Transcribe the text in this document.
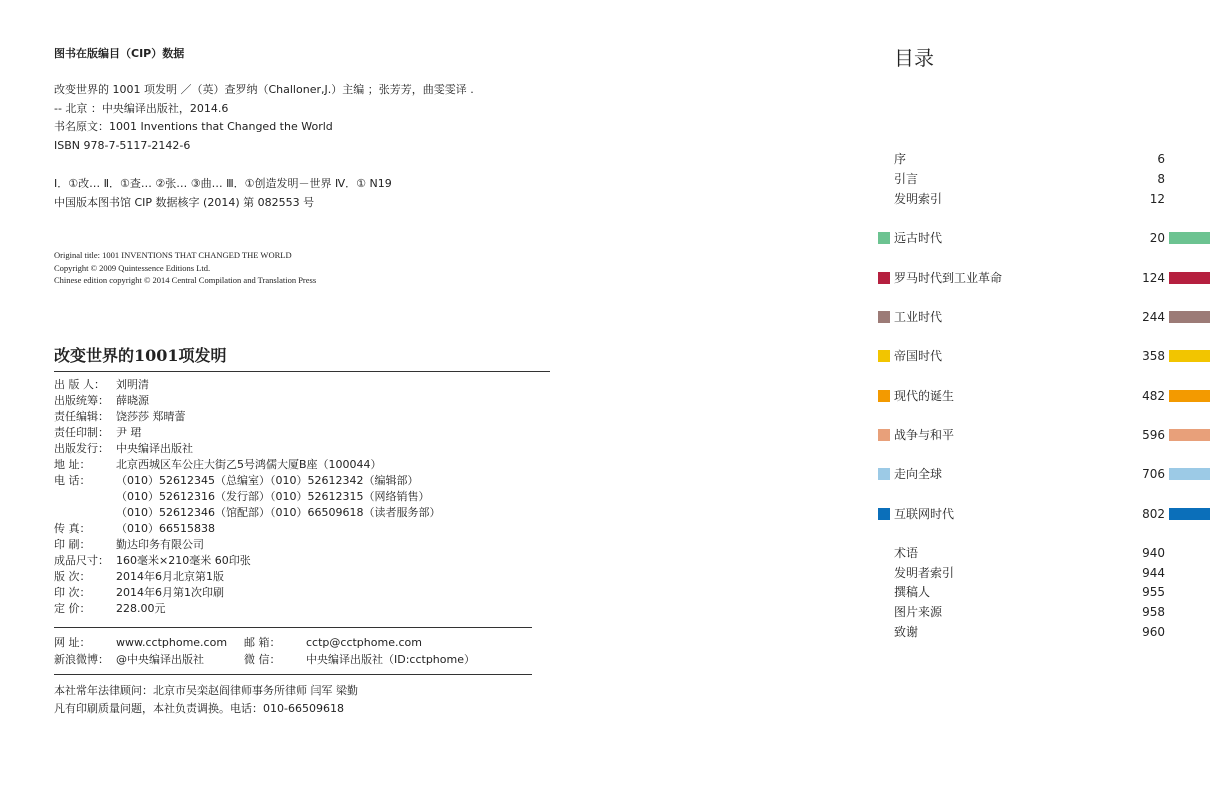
图书在版编目（CIP）数据
改变世界的 1001 项发明 ／（英）查罗纳（Challoner,J.）主编 ；张芳芳，曲雯雯译 .
-- 北京 ：中央编译出版社，2014.6
书名原文：1001 Inventions that Changed the World
ISBN 978-7-5117-2142-6
Ⅰ．①改… Ⅱ．①查… ②张… ③曲… Ⅲ．①创造发明－世界 Ⅳ．① N19
中国版本图书馆 CIP 数据核字 (2014) 第 082553 号
Original title: 1001 INVENTIONS THAT CHANGED THE WORLD
Copyright © 2009 Quintessence Editions Ltd.
Chinese edition copyright © 2014 Central Compilation and Translation Press
改变世界的1001项发明
出 版 人：	刘明清
出版统筹： 薛晓源
责任编辑： 饶莎莎 郑晴蕾
责任印制： 尹 珺
出版发行： 中央编译出版社
地 址：	北京西城区车公庄大街乙5号鸿儒大厦B座（100044）
电 话：	（010）52612345（总编室）（010）52612342（编辑部）
（010）52612316（发行部）（010）52612315（网络销售）
（010）52612346（馆配部）（010）66509618（读者服务部）
传 真：	（010）66515838
印 刷：	勤达印务有限公司
成品尺寸： 160毫米×210毫米 60印张
版 次：	2014年6月北京第1版
印 次：	2014年6月第1次印刷
定 价：	228.00元
网 址：	www.cctphome.com	邮 箱：	cctp@cctphome.com
新浪微博： @中央编译出版社	微 信：	中央编译出版社（ID:cctphome）
本社常年法律顾问：北京市吴栾赵阎律师事务所律师 闫军 梁勤
凡有印刷质量问题，本社负责调换。电话：010-66509618
目录
序	6
引言	8
发明索引	12
远古时代	20
罗马时代到工业革命	124
工业时代	244
帝国时代	358
现代的诞生	482
战争与和平	596
走向全球	706
互联网时代	802
术语	940
发明者索引	944
撰稿人	955
图片来源	958
致谢	960
